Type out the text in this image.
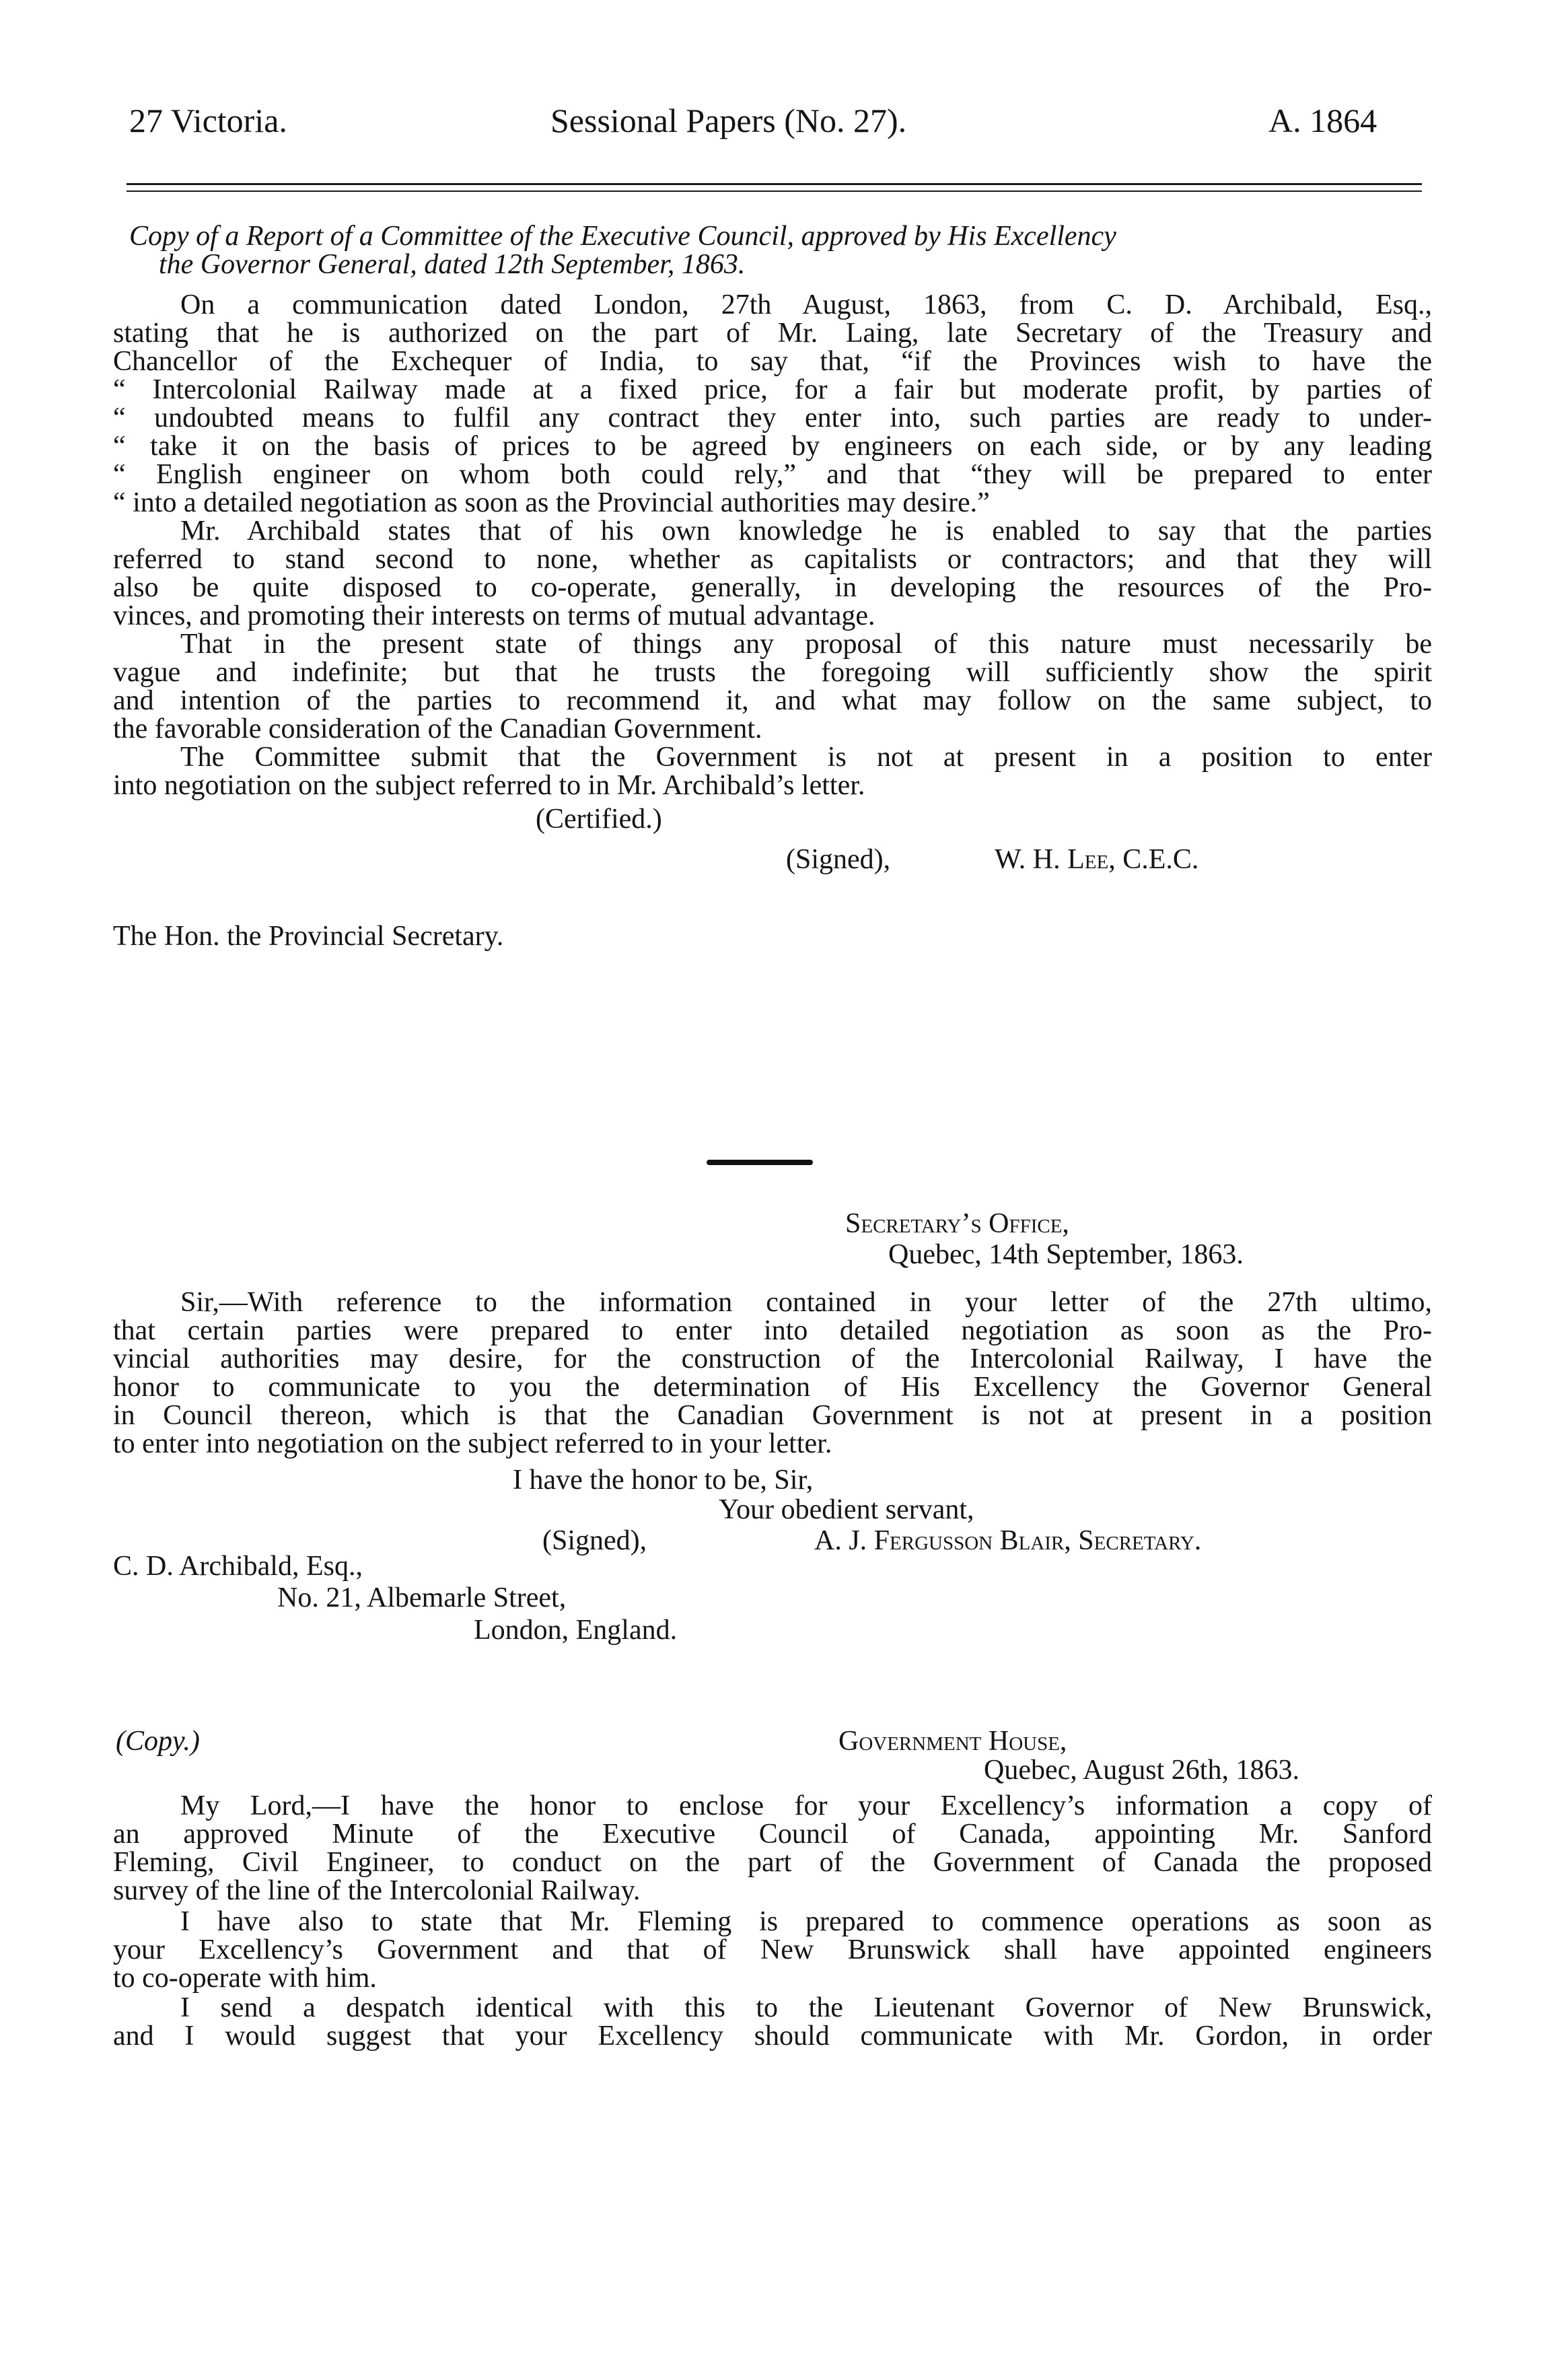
27 Victoria.	Sessional Papers (No. 27).	A. 1864
Copy of a Report of a Committee of the Executive Council, approved by His Excellency
the Governor General, dated 12th September, 1863.
On a communication dated London, 27th August, 1863, from C. D. Archibald, Esq.,
stating that he is authorized on the part of Mr. Laing, late Secretary of the Treasury and
Chancellor of the Exchequer of India, to say that, “if the Provinces wish to have the
“ Intercolonial Railway made at a fixed price, for a fair but moderate profit, by parties of
“ undoubted means to fulfil any contract they enter into, such parties are ready to under-
“ take it on the basis of prices to be agreed by engineers on each side, or by any leading
“ English engineer on whom both could rely,” and that “they will be prepared to enter
“ into a detailed negotiation as soon as the Provincial authorities may desire.”
Mr. Archibald states that of his own knowledge he is enabled to say that the parties
referred to stand second to none, whether as capitalists or contractors; and that they will
also be quite disposed to co-operate, generally, in developing the resources of the Pro-
vinces, and promoting their interests on terms of mutual advantage.
That in the present state of things any proposal of this nature must necessarily be
vague and indefinite; but that he trusts the foregoing will sufficiently show the spirit
and intention of the parties to recommend it, and what may follow on the same subject, to
the favorable consideration of the Canadian Government.
The Committee submit that the Government is not at present in a position to enter
into negotiation on the subject referred to in Mr. Archibald’s letter.
(Certified.)
(Signed),	W. H. Lee, C.E.C.
The Hon. the Provincial Secretary.
Secretary’s Office,
Quebec, 14th September, 1863.
Sir,—With reference to the information contained in your letter of the 27th ultimo,
that certain parties were prepared to enter into detailed negotiation as soon as the Pro-
vincial authorities may desire, for the construction of the Intercolonial Railway, I have the
honor to communicate to you the determination of His Excellency the Governor General
in Council thereon, which is that the Canadian Government is not at present in a position
to enter into negotiation on the subject referred to in your letter.
I have the honor to be, Sir,
Your obedient servant,
(Signed),	A. J. Fergusson Blair, Secretary.
C. D. Archibald, Esq.,
No. 21, Albemarle Street,
London, England.
(Copy.)	Government House,
Quebec, August 26th, 1863.
My Lord,—I have the honor to enclose for your Excellency’s information a copy of
an approved Minute of the Executive Council of Canada, appointing Mr. Sanford
Fleming, Civil Engineer, to conduct on the part of the Government of Canada the proposed
survey of the line of the Intercolonial Railway.
I have also to state that Mr. Fleming is prepared to commence operations as soon as
your Excellency’s Government and that of New Brunswick shall have appointed engineers
to co-operate with him.
I send a despatch identical with this to the Lieutenant Governor of New Brunswick,
and I would suggest that your Excellency should communicate with Mr. Gordon, in order
